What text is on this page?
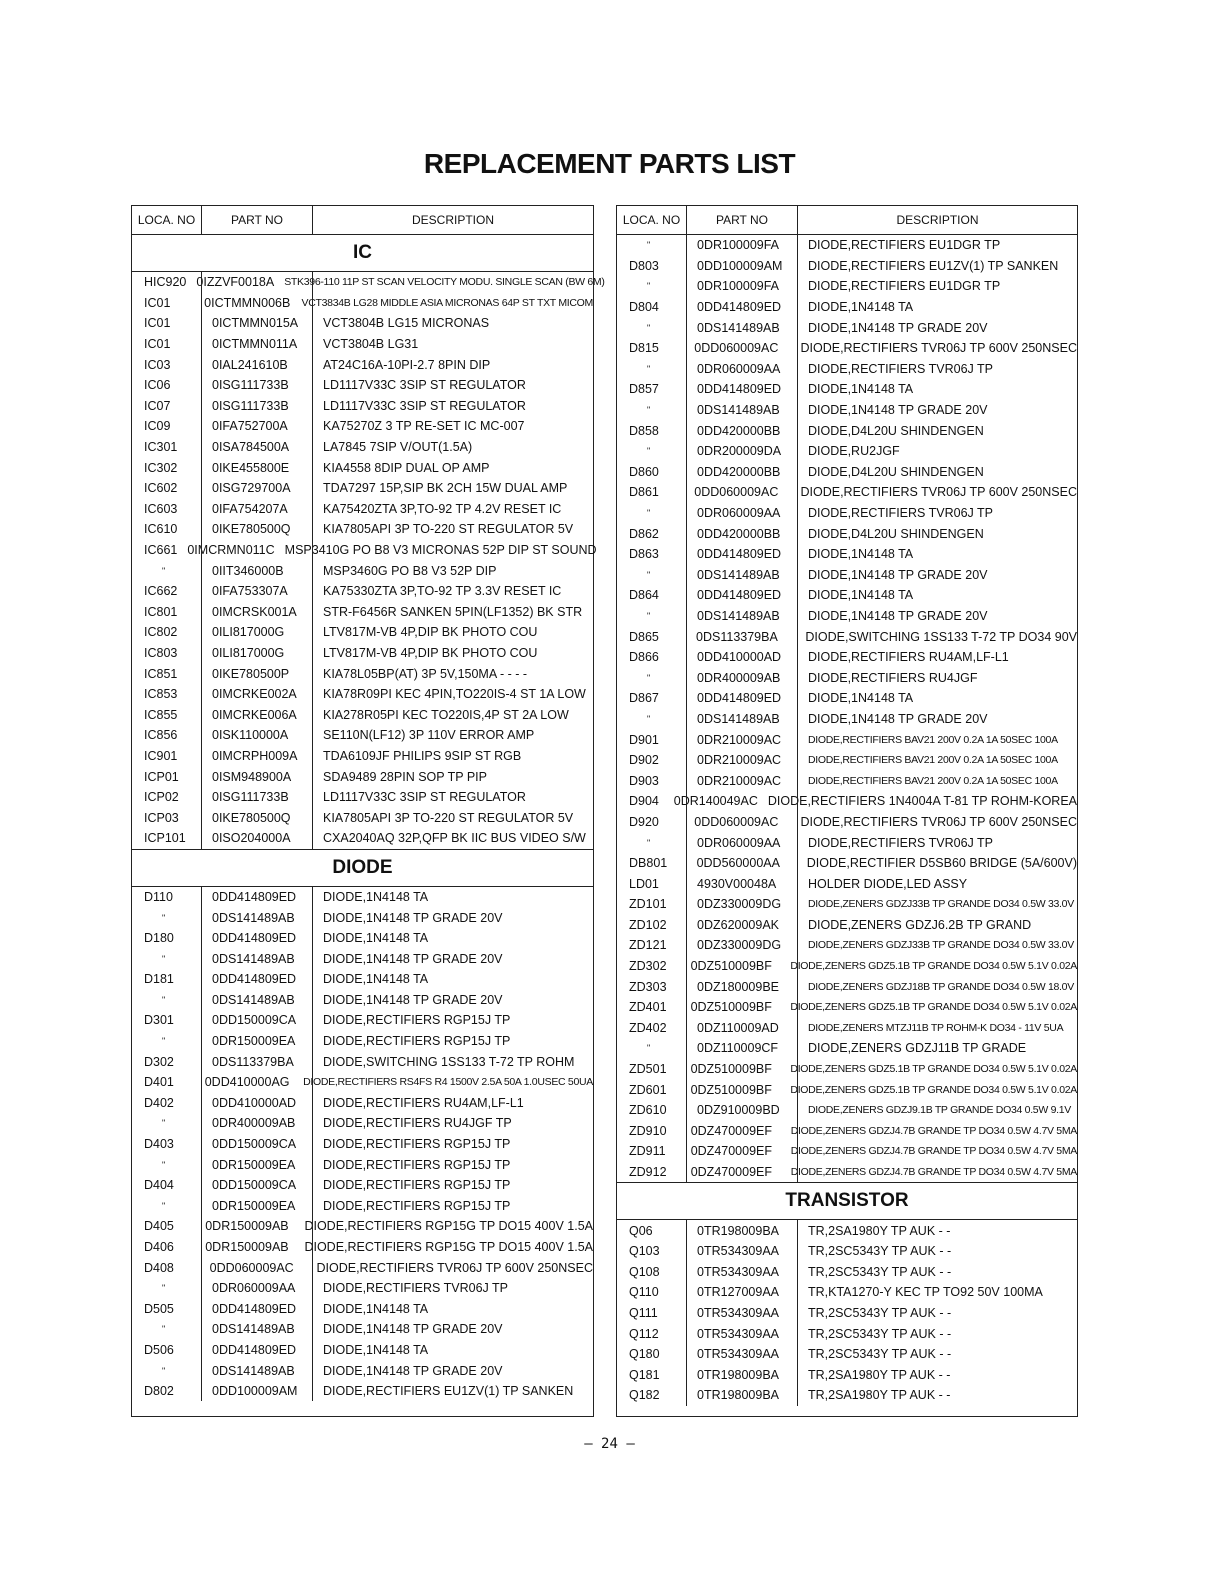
REPLACEMENT PARTS LIST
LOCA. NO	PART NO	DESCRIPTION
IC
HIC920 0IZZVF0018A STK396-110 11P ST SCAN VELOCITY MODU. SINGLE SCAN (BW 6M)
IC01	0ICTMMN006B	VCT3834B LG28 MIDDLE ASIA MICRONAS 64P ST TXT MICOM
IC01	0ICTMMN015A	VCT3804B LG15 MICRONAS
IC01	0ICTMMN011A	VCT3804B LG31
IC03	0IAL241610B	AT24C16A-10PI-2.7 8PIN DIP
IC06	0ISG111733B	LD1117V33C 3SIP ST REGULATOR
IC07	0ISG111733B	LD1117V33C 3SIP ST REGULATOR
IC09	0IFA752700A	KA75270Z 3 TP RE-SET IC MC-007
IC301	0ISA784500A	LA7845 7SIP V/OUT(1.5A)
IC302	0IKE455800E	KIA4558 8DIP DUAL OP AMP
IC602	0ISG729700A	TDA7297 15P,SIP BK 2CH 15W DUAL AMP
IC603	0IFA754207A	KA75420ZTA 3P,TO-92 TP 4.2V RESET IC
IC610	0IKE780500Q	KIA7805API 3P TO-220 ST REGULATOR 5V
IC661 0IMCRMN011C MSP3410G PO B8 V3 MICRONAS 52P DIP ST SOUND
"	0IIT346000B	MSP3460G PO B8 V3 52P DIP
IC662	0IFA753307A	KA75330ZTA 3P,TO-92 TP 3.3V RESET IC
IC801	0IMCRSK001A	STR-F6456R SANKEN 5PIN(LF1352) BK STR
IC802	0ILI817000G	LTV817M-VB 4P,DIP BK PHOTO COU
IC803	0ILI817000G	LTV817M-VB 4P,DIP BK PHOTO COU
IC851	0IKE780500P	KIA78L05BP(AT) 3P 5V,150MA - - - -
IC853	0IMCRKE002A	KIA78R09PI KEC 4PIN,TO220IS-4 ST 1A LOW
IC855	0IMCRKE006A	KIA278R05PI KEC TO220IS,4P ST 2A LOW
IC856	0ISK110000A	SE110N(LF12) 3P 110V ERROR AMP
IC901	0IMCRPH009A	TDA6109JF PHILIPS 9SIP ST RGB
ICP01	0ISM948900A	SDA9489 28PIN SOP TP PIP
ICP02	0ISG111733B	LD1117V33C 3SIP ST REGULATOR
ICP03	0IKE780500Q	KIA7805API 3P TO-220 ST REGULATOR 5V
ICP101	0ISO204000A	CXA2040AQ 32P,QFP BK IIC BUS VIDEO S/W
DIODE
D110	0DD414809ED	DIODE,1N4148 TA
"	0DS141489AB	DIODE,1N4148 TP GRADE 20V
D180	0DD414809ED	DIODE,1N4148 TA
"	0DS141489AB	DIODE,1N4148 TP GRADE 20V
D181	0DD414809ED	DIODE,1N4148 TA
"	0DS141489AB	DIODE,1N4148 TP GRADE 20V
D301	0DD150009CA	DIODE,RECTIFIERS RGP15J TP
"	0DR150009EA	DIODE,RECTIFIERS RGP15J TP
D302	0DS113379BA	DIODE,SWITCHING 1SS133 T-72 TP ROHM
D401	0DD410000AG	DIODE,RECTIFIERS RS4FS R4 1500V 2.5A 50A 1.0USEC 50UA
D402	0DD410000AD	DIODE,RECTIFIERS RU4AM,LF-L1
"	0DR400009AB	DIODE,RECTIFIERS RU4JGF TP
D403	0DD150009CA	DIODE,RECTIFIERS RGP15J TP
"	0DR150009EA	DIODE,RECTIFIERS RGP15J TP
D404	0DD150009CA	DIODE,RECTIFIERS RGP15J TP
"	0DR150009EA	DIODE,RECTIFIERS RGP15J TP
D405	0DR150009AB	DIODE,RECTIFIERS RGP15G TP DO15 400V 1.5A
D406	0DR150009AB	DIODE,RECTIFIERS RGP15G TP DO15 400V 1.5A
D408	0DD060009AC	DIODE,RECTIFIERS TVR06J TP 600V 250NSEC
"	0DR060009AA	DIODE,RECTIFIERS TVR06J TP
D505	0DD414809ED	DIODE,1N4148 TA
"	0DS141489AB	DIODE,1N4148 TP GRADE 20V
D506	0DD414809ED	DIODE,1N4148 TA
"	0DS141489AB	DIODE,1N4148 TP GRADE 20V
D802	0DD100009AM	DIODE,RECTIFIERS EU1ZV(1) TP SANKEN
LOCA. NO	PART NO	DESCRIPTION
"	0DR100009FA	DIODE,RECTIFIERS EU1DGR TP
D803	0DD100009AM	DIODE,RECTIFIERS EU1ZV(1) TP SANKEN
"	0DR100009FA	DIODE,RECTIFIERS EU1DGR TP
D804	0DD414809ED	DIODE,1N4148 TA
"	0DS141489AB	DIODE,1N4148 TP GRADE 20V
D815	0DD060009AC	DIODE,RECTIFIERS TVR06J TP 600V 250NSEC
"	0DR060009AA	DIODE,RECTIFIERS TVR06J TP
D857	0DD414809ED	DIODE,1N4148 TA
"	0DS141489AB	DIODE,1N4148 TP GRADE 20V
D858	0DD420000BB	DIODE,D4L20U SHINDENGEN
"	0DR200009DA	DIODE,RU2JGF
D860	0DD420000BB	DIODE,D4L20U SHINDENGEN
D861	0DD060009AC	DIODE,RECTIFIERS TVR06J TP 600V 250NSEC
"	0DR060009AA	DIODE,RECTIFIERS TVR06J TP
D862	0DD420000BB	DIODE,D4L20U SHINDENGEN
D863	0DD414809ED	DIODE,1N4148 TA
"	0DS141489AB	DIODE,1N4148 TP GRADE 20V
D864	0DD414809ED	DIODE,1N4148 TA
"	0DS141489AB	DIODE,1N4148 TP GRADE 20V
D865	0DS113379BA	DIODE,SWITCHING 1SS133 T-72 TP DO34 90V
D866	0DD410000AD	DIODE,RECTIFIERS RU4AM,LF-L1
"	0DR400009AB	DIODE,RECTIFIERS RU4JGF
D867	0DD414809ED	DIODE,1N4148 TA
"	0DS141489AB	DIODE,1N4148 TP GRADE 20V
D901	0DR210009AC	DIODE,RECTIFIERS BAV21 200V 0.2A 1A 50SEC 100A
D902	0DR210009AC	DIODE,RECTIFIERS BAV21 200V 0.2A 1A 50SEC 100A
D903	0DR210009AC	DIODE,RECTIFIERS BAV21 200V 0.2A 1A 50SEC 100A
D904	0DR140049AC DIODE,RECTIFIERS 1N4004A T-81 TP ROHM-KOREA
D920	0DD060009AC	DIODE,RECTIFIERS TVR06J TP 600V 250NSEC
"	0DR060009AA	DIODE,RECTIFIERS TVR06J TP
DB801	0DD560000AA	DIODE,RECTIFIER D5SB60 BRIDGE (5A/600V)
LD01	4930V00048A	HOLDER DIODE,LED ASSY
ZD101	0DZ330009DG	DIODE,ZENERS GDZJ33B TP GRANDE DO34 0.5W 33.0V
ZD102	0DZ620009AK	DIODE,ZENERS GDZJ6.2B TP GRAND
ZD121	0DZ330009DG	DIODE,ZENERS GDZJ33B TP GRANDE DO34 0.5W 33.0V
ZD302	0DZ510009BF	DIODE,ZENERS GDZ5.1B TP GRANDE DO34 0.5W 5.1V 0.02A
ZD303	0DZ180009BE	DIODE,ZENERS GDZJ18B TP GRANDE DO34 0.5W 18.0V
ZD401	0DZ510009BF	DIODE,ZENERS GDZ5.1B TP GRANDE DO34 0.5W 5.1V 0.02A
ZD402	0DZ110009AD	DIODE,ZENERS MTZJ11B TP ROHM-K DO34 - 11V 5UA
"	0DZ110009CF	DIODE,ZENERS GDZJ11B TP GRADE
ZD501	0DZ510009BF	DIODE,ZENERS GDZ5.1B TP GRANDE DO34 0.5W 5.1V 0.02A
ZD601	0DZ510009BF	DIODE,ZENERS GDZ5.1B TP GRANDE DO34 0.5W 5.1V 0.02A
ZD610	0DZ910009BD	DIODE,ZENERS GDZJ9.1B TP GRANDE DO34 0.5W 9.1V
ZD910	0DZ470009EF	DIODE,ZENERS GDZJ4.7B GRANDE TP DO34 0.5W 4.7V 5MA
ZD911	0DZ470009EF	DIODE,ZENERS GDZJ4.7B GRANDE TP DO34 0.5W 4.7V 5MA
ZD912	0DZ470009EF	DIODE,ZENERS GDZJ4.7B GRANDE TP DO34 0.5W 4.7V 5MA
TRANSISTOR
Q06	0TR198009BA	TR,2SA1980Y TP AUK - -
Q103	0TR534309AA	TR,2SC5343Y TP AUK - -
Q108	0TR534309AA	TR,2SC5343Y TP AUK - -
Q110	0TR127009AA	TR,KTA1270-Y KEC TP TO92 50V 100MA
Q111	0TR534309AA	TR,2SC5343Y TP AUK - -
Q112	0TR534309AA	TR,2SC5343Y TP AUK - -
Q180	0TR534309AA	TR,2SC5343Y TP AUK - -
Q181	0TR198009BA	TR,2SA1980Y TP AUK - -
Q182	0TR198009BA	TR,2SA1980Y TP AUK - -
– 24 –
